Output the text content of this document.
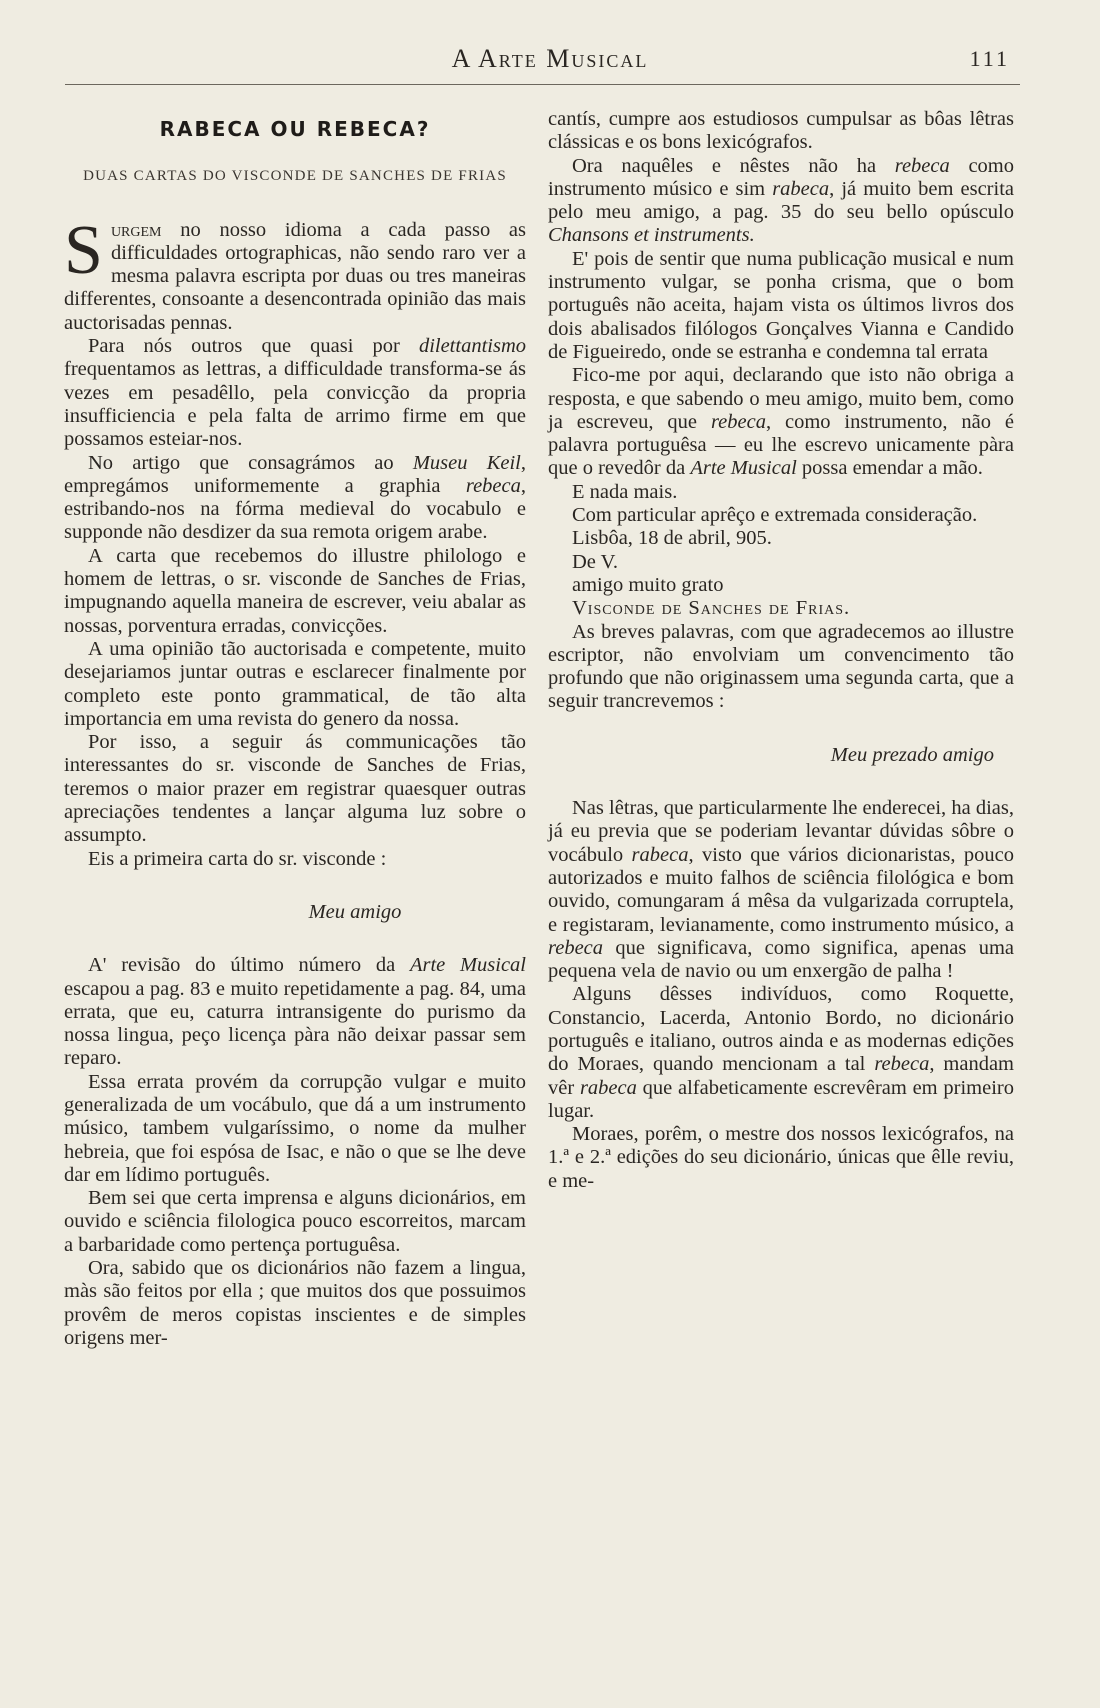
A Arte Musical	111
RABECA OU REBECA?
DUAS CARTAS DO VISCONDE DE SANCHES DE FRIAS

Surgem no nosso idioma a cada passo as difficuldades ortographicas, não sendo raro ver a mesma palavra escripta por duas ou tres maneiras differentes, consoante a desencontrada opinião das mais auctorisadas pennas.

Para nós outros que quasi por dilettantismo frequentamos as lettras, a difficuldade transforma-se ás vezes em pesadêllo, pela convicção da propria insufficiencia e pela falta de arrimo firme em que possamos esteiar-nos.

No artigo que consagrámos ao Museu Keil, empregámos uniformemente a graphia rebeca, estribando-nos na fórma medieval do vocabulo e supponde não desdizer da sua remota origem arabe.

A carta que recebemos do illustre philologo e homem de lettras, o sr. visconde de Sanches de Frias, impugnando aquella maneira de escrever, veiu abalar as nossas, porventura erradas, convicções.

A uma opinião tão auctorisada e competente, muito desejariamos juntar outras e esclarecer finalmente por completo este ponto grammatical, de tão alta importancia em uma revista do genero da nossa.

Por isso, a seguir ás communicações tão interessantes do sr. visconde de Sanches de Frias, teremos o maior prazer em registrar quaesquer outras apreciações tendentes a lançar alguma luz sobre o assumpto.

Eis a primeira carta do sr. visconde :

Meu amigo

A' revisão do último número da Arte Musical escapou a pag. 83 e muito repetidamente a pag. 84, uma errata, que eu, caturra intransigente do purismo da nossa lingua, peço licença pàra não deixar passar sem reparo.

Essa errata provém da corrupção vulgar e muito generalizada de um vocábulo, que dá a um instrumento músico, tambem vulgaríssimo, o nome da mulher hebreia, que foi espósa de Isac, e não o que se lhe deve dar em lídimo português.

Bem sei que certa imprensa e alguns dicionários, em ouvido e sciência filologica pouco escorreitos, marcam a barbaridade como pertença portuguêsa.

Ora, sabido que os dicionários não fazem a lingua, màs são feitos por ella ; que muitos dos que possuimos provêm de meros copistas inscientes e de simples origens mer-

cantís, cumpre aos estudiosos cumpulsar as bôas lêtras clássicas e os bons lexicógrafos.

Ora naquêles e nêstes não ha rebeca como instrumento músico e sim rabeca, já muito bem escrita pelo meu amigo, a pag. 35 do seu bello opúsculo Chansons et instruments.

E' pois de sentir que numa publicação musical e num instrumento vulgar, se ponha crisma, que o bom português não aceita, hajam vista os últimos livros dos dois abalisados filólogos Gonçalves Vianna e Candido de Figueiredo, onde se estranha e condemna tal errata

Fico-me por aqui, declarando que isto não obriga a resposta, e que sabendo o meu amigo, muito bem, como ja escreveu, que rebeca, como instrumento, não é palavra portuguêsa — eu lhe escrevo unicamente pàra que o revedôr da Arte Musical possa emendar a mão.

E nada mais.

Com particular aprêço e extremada consideração.

Lisbôa, 18 de abril, 905.

De V.

amigo muito grato

Visconde de Sanches de Frias.

As breves palavras, com que agradecemos ao illustre escriptor, não envolviam um convencimento tão profundo que não originassem uma segunda carta, que a seguir trancrevemos :

Meu prezado amigo

Nas lêtras, que particularmente lhe enderecei, ha dias, já eu previa que se poderiam levantar dúvidas sôbre o vocábulo rabeca, visto que vários dicionaristas, pouco autorizados e muito falhos de sciência filológica e bom ouvido, comungaram á mêsa da vulgarizada corruptela, e registaram, levianamente, como instrumento músico, a rebeca que significava, como significa, apenas uma pequena vela de navio ou um enxergão de palha !

Alguns dêsses indivíduos, como Roquette, Constancio, Lacerda, Antonio Bordo, no dicionário português e italiano, outros ainda e as modernas edições do Moraes, quando mencionam a tal rebeca, mandam vêr rabeca que alfabeticamente escrevêram em primeiro lugar.

Moraes, porêm, o mestre dos nossos lexicógrafos, na 1.ª e 2.ª edições do seu dicionário, únicas que êlle reviu, e me-
